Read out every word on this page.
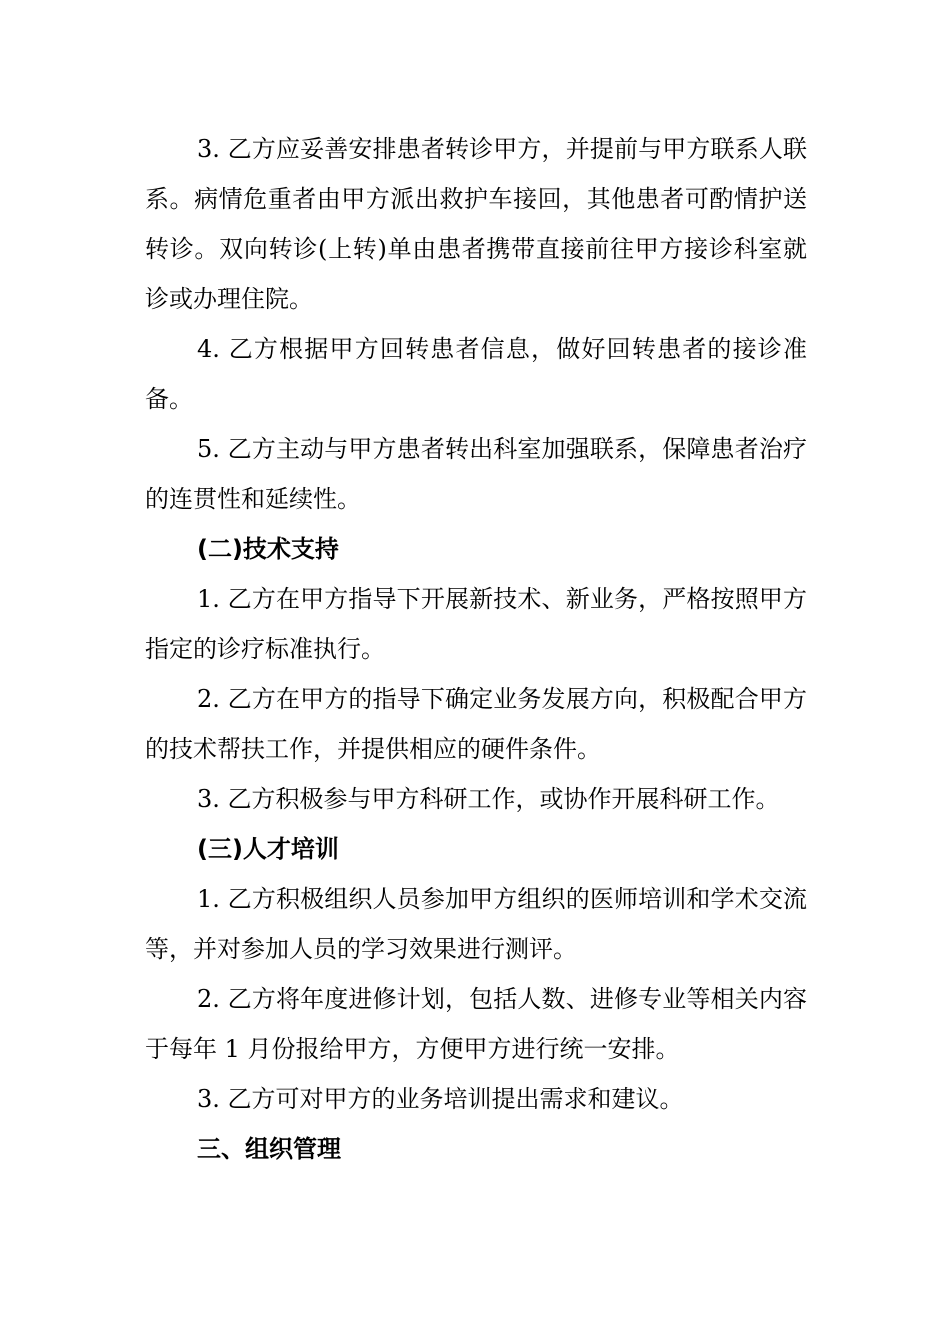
3. 乙方应妥善安排患者转诊甲方，并提前与甲方联系人联系。病情危重者由甲方派出救护车接回，其他患者可酌情护送转诊。双向转诊(上转)单由患者携带直接前往甲方接诊科室就诊或办理住院。

4. 乙方根据甲方回转患者信息，做好回转患者的接诊准备。

5. 乙方主动与甲方患者转出科室加强联系，保障患者治疗的连贯性和延续性。

(二)技术支持

1. 乙方在甲方指导下开展新技术、新业务，严格按照甲方指定的诊疗标准执行。

2. 乙方在甲方的指导下确定业务发展方向，积极配合甲方的技术帮扶工作，并提供相应的硬件条件。

3. 乙方积极参与甲方科研工作，或协作开展科研工作。

(三)人才培训

1. 乙方积极组织人员参加甲方组织的医师培训和学术交流等，并对参加人员的学习效果进行测评。

2. 乙方将年度进修计划，包括人数、进修专业等相关内容于每年 1 月份报给甲方，方便甲方进行统一安排。

3. 乙方可对甲方的业务培训提出需求和建议。

三、组织管理
